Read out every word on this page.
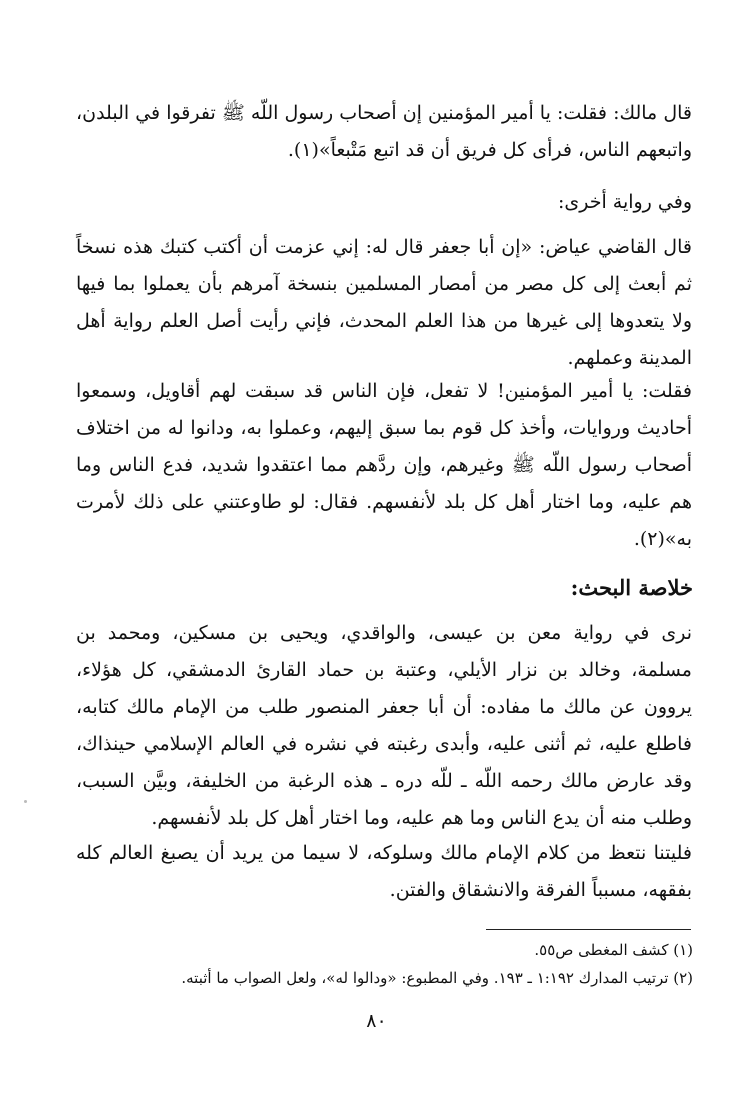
قال مالك: فقلت: يا أمير المؤمنين إن أصحاب رسول اللّه ﷺ تفرقوا في البلدن، واتبعهم الناس، فرأى كل فريق أن قد اتبع مَتْبعاً»(١).
وفي رواية أخرى:
قال القاضي عياض: «إن أبا جعفر قال له: إني عزمت أن أكتب كتبك هذه نسخاً ثم أبعث إلى كل مصر من أمصار المسلمين بنسخة آمرهم بأن يعملوا بما فيها ولا يتعدوها إلى غيرها من هذا العلم المحدث، فإني رأيت أصل العلم رواية أهل المدينة وعملهم.
فقلت: يا أمير المؤمنين! لا تفعل، فإن الناس قد سبقت لهم أقاويل، وسمعوا أحاديث وروايات، وأخذ كل قوم بما سبق إليهم، وعملوا به، ودانوا له من اختلاف أصحاب رسول اللّه ﷺ وغيرهم، وإن ردَّهم مما اعتقدوا شديد، فدع الناس وما هم عليه، وما اختار أهل كل بلد لأنفسهم. فقال: لو طاوعتني على ذلك لأمرت به»(٢).
خلاصة البحث:
نرى في رواية معن بن عيسى، والواقدي، ويحيى بن مسكين، ومحمد بن مسلمة، وخالد بن نزار الأيلي، وعتبة بن حماد القارئ الدمشقي، كل هؤلاء، يروون عن مالك ما مفاده: أن أبا جعفر المنصور طلب من الإمام مالك كتابه، فاطلع عليه، ثم أثنى عليه، وأبدى رغبته في نشره في العالم الإسلامي حينذاك، وقد عارض مالك رحمه اللّه ـ للّه دره ـ هذه الرغبة من الخليفة، وبيَّن السبب، وطلب منه أن يدع الناس وما هم عليه، وما اختار أهل كل بلد لأنفسهم.
فليتنا نتعظ من كلام الإمام مالك وسلوكه، لا سيما من يريد أن يصبغ العالم كله بفقهه، مسبباً الفرقة والانشقاق والفتن.
(١) كشف المغطى ص٥٥.
(٢) ترتيب المدارك ١:١٩٢ ـ ١٩٣. وفي المطبوع: «ودالوا له»، ولعل الصواب ما أثبته.
٨٠
